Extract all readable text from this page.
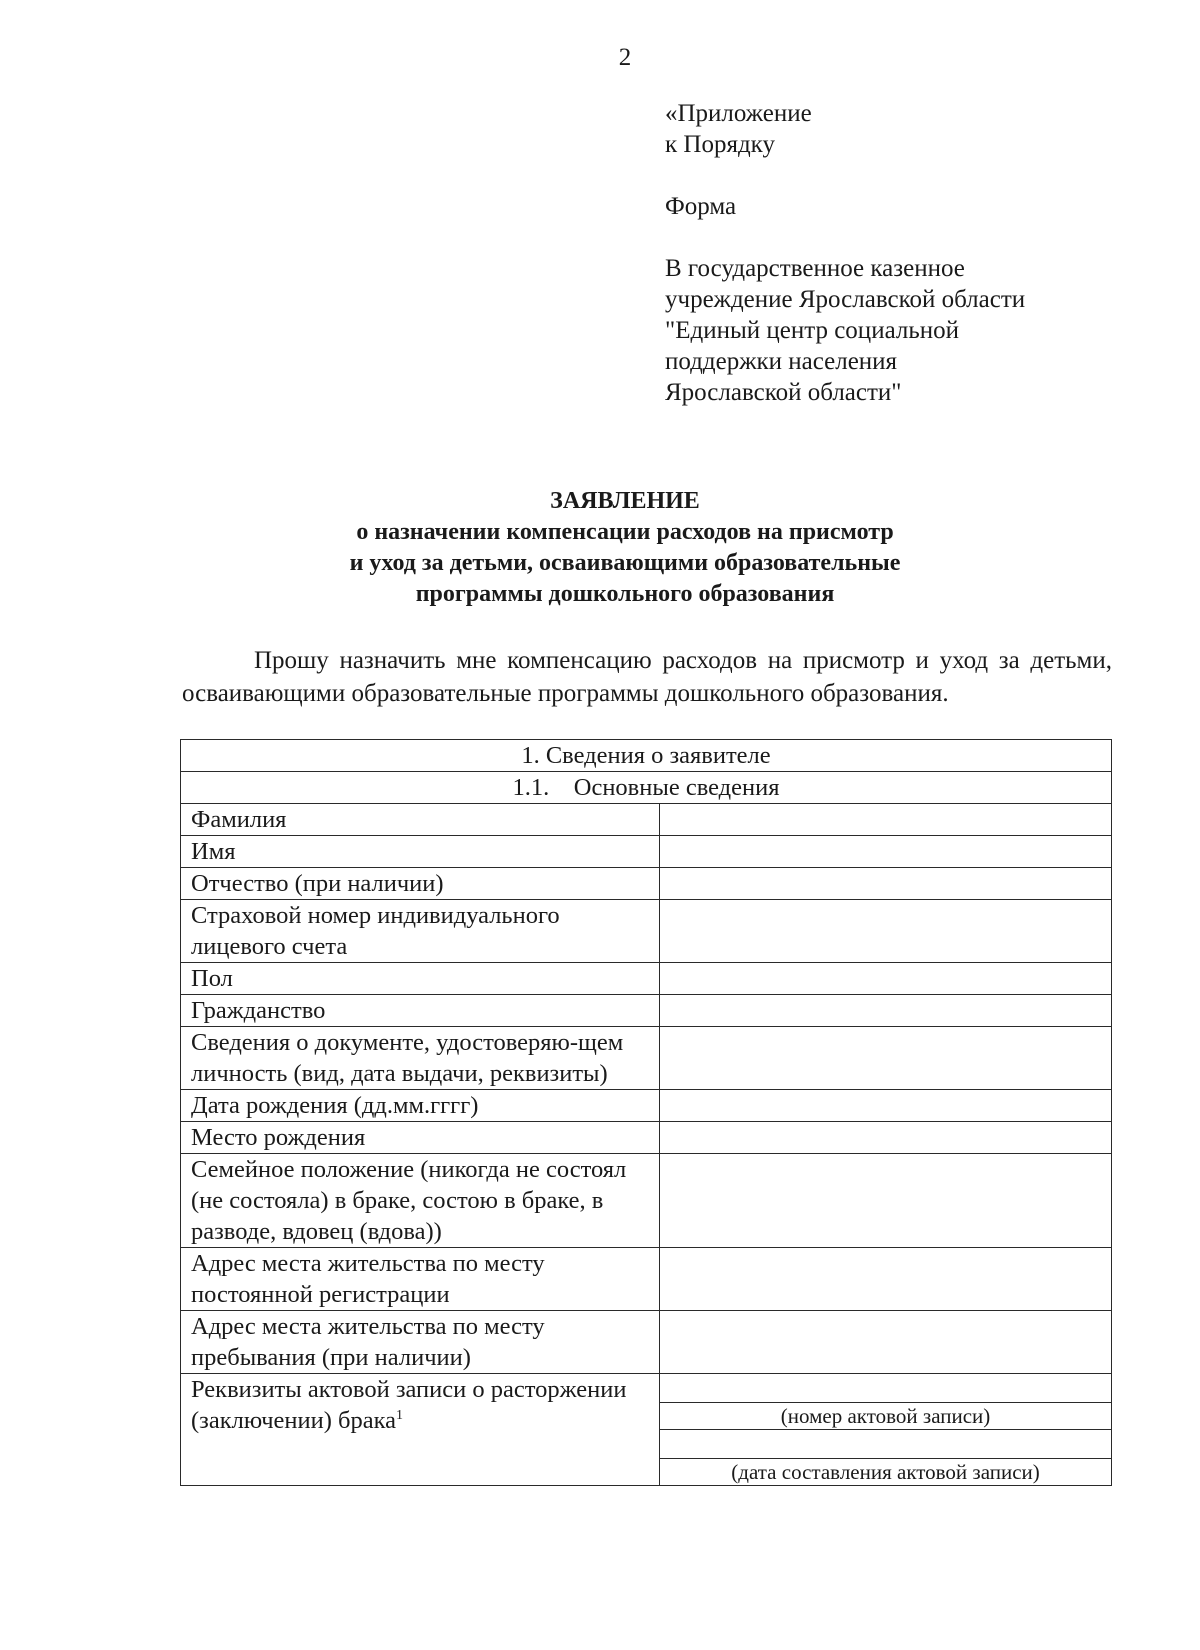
2

«Приложение

к Порядку

Форма

В государственное казенное

учреждение Ярославской области

"Единый центр социальной

поддержки населения

Ярославской области"

ЗАЯВЛЕНИЕ

о назначении компенсации расходов на присмотр

и уход за детьми, осваивающими образовательные

программы дошкольного образования

Прошу назначить мне компенсацию расходов на присмотр и уход за детьми, осваивающими образовательные программы дошкольного образования.

1. Сведения о заявителе	
1.1.    Основные сведения	
Фамилия	
Имя	
Отчество (при наличии)	
Страховой номер индивидуального лицевого счета	
Пол	
Гражданство	
Сведения о документе, удостоверяю-щем личность (вид, дата выдачи, реквизиты)	
Дата рождения (дд.мм.гггг)	
Место рождения	
Семейное положение (никогда не состоял (не состояла) в браке, состою в браке, в разводе, вдовец (вдова))	
Адрес места жительства по месту постоянной регистрации	
Адрес места жительства по месту пребывания (при наличии)	
Реквизиты актовой записи о расторжении (заключении) брака$^1$	
	(номер актовой записи)

	(дата составления актовой записи)
